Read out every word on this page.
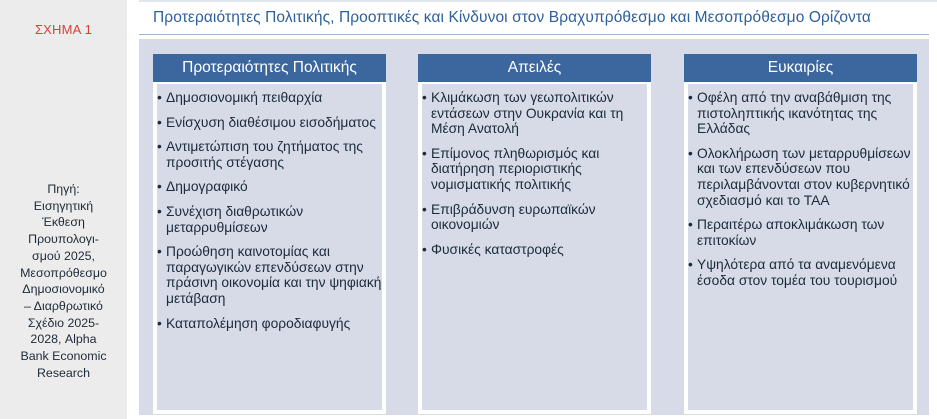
ΣΧΗΜΑ 1
Πηγή:
Εισηγητική
Έκθεση
Προυπολογι-
σμού 2025,
Μεσοπρόθεσμο
Δημοσιονομικό
– Διαρθρωτικό
Σχέδιο 2025-
2028, Alpha
Bank Economic
Research
Προτεραιότητες Πολιτικής, Προοπτικές και Κίνδυνοι στον Βραχυπρόθεσμο και Μεσοπρόθεσμο Ορίζοντα
Προτεραιότητες Πολιτικής
• Δημοσιονομική πειθαρχία
• Ενίσχυση διαθέσιμου εισοδήματος
• Αντιμετώπιση του ζητήματος της προσιτής στέγασης
• Δημογραφικό
• Συνέχιση διαθρωτικών μεταρρυθμίσεων
• Προώθηση καινοτομίας και παραγωγικών επενδύσεων στην πράσινη οικονομία και την ψηφιακή μετάβαση
• Καταπολέμηση φοροδιαφυγής
Απειλές
• Κλιμάκωση των γεωπολιτικών εντάσεων στην Ουκρανία και τη Μέση Ανατολή
• Επίμονος πληθωρισμός και διατήρηση περιοριστικής νομισματικής πολιτικής
• Επιβράδυνση ευρωπαϊκών οικονομιών
• Φυσικές καταστροφές
Ευκαιρίες
• Οφέλη από την αναβάθμιση της πιστοληπτικής ικανότητας της Ελλάδας
• Ολοκλήρωση των μεταρρυθμίσεων και των επενδύσεων που περιλαμβάνονται στον κυβερνητικό σχεδιασμό και το ΤΑΑ
• Περαιτέρω αποκλιμάκωση των επιτοκίων
• Υψηλότερα από τα αναμενόμενα έσοδα στον τομέα του τουρισμού
